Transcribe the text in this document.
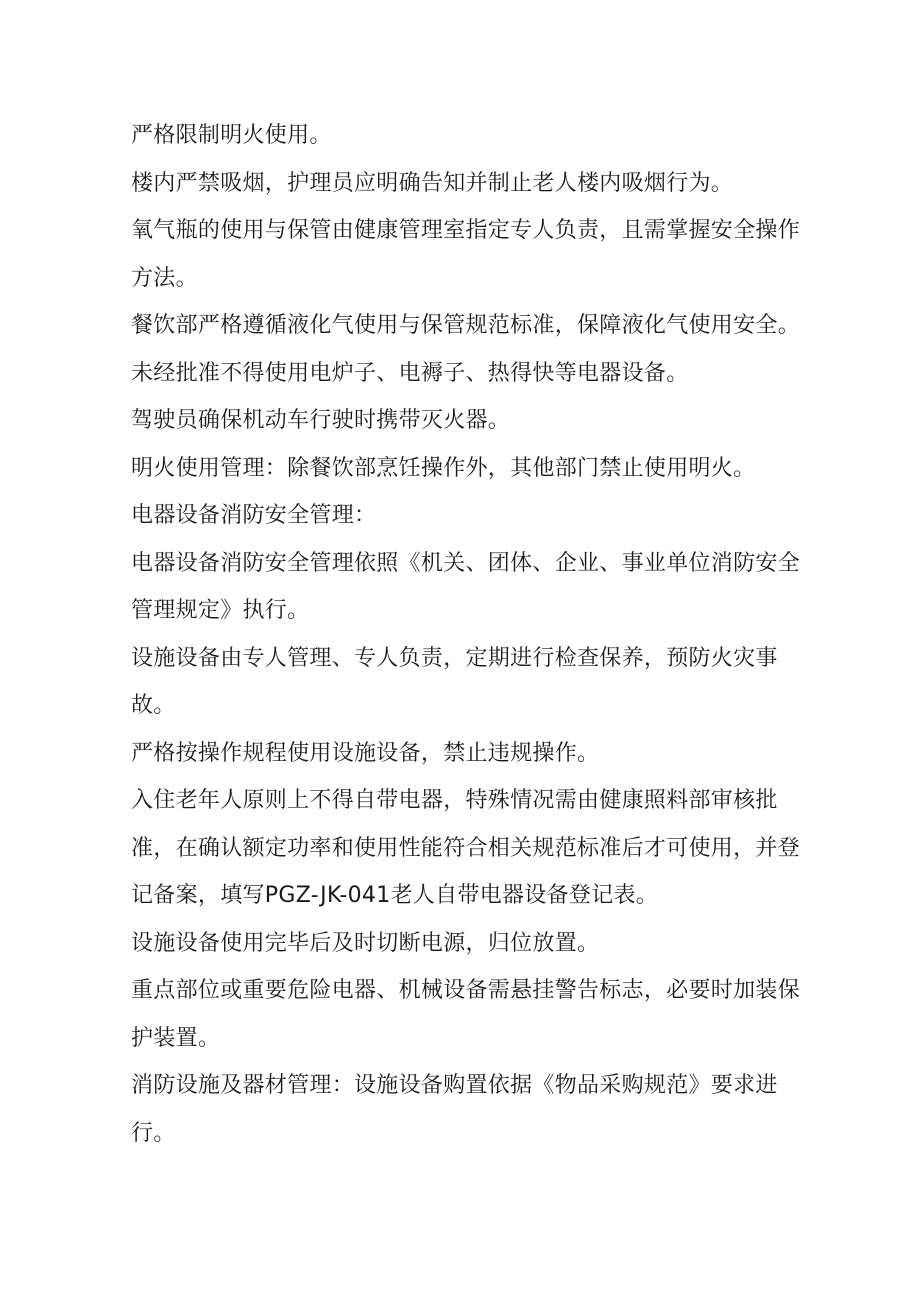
严格限制明火使用。

楼内严禁吸烟，护理员应明确告知并制止老人楼内吸烟行为。

氧气瓶的使用与保管由健康管理室指定专人负责，且需掌握安全操作方法。

餐饮部严格遵循液化气使用与保管规范标准，保障液化气使用安全。

未经批准不得使用电炉子、电褥子、热得快等电器设备。

驾驶员确保机动车行驶时携带灭火器。

明火使用管理：除餐饮部烹饪操作外，其他部门禁止使用明火。

电器设备消防安全管理：

电器设备消防安全管理依照《机关、团体、企业、事业单位消防安全管理规定》执行。

设施设备由专人管理、专人负责，定期进行检查保养，预防火灾事故。

严格按操作规程使用设施设备，禁止违规操作。

入住老年人原则上不得自带电器，特殊情况需由健康照料部审核批准，在确认额定功率和使用性能符合相关规范标准后才可使用，并登记备案，填写PGZ-JK-041老人自带电器设备登记表。

设施设备使用完毕后及时切断电源，归位放置。

重点部位或重要危险电器、机械设备需悬挂警告标志，必要时加装保护装置。

消防设施及器材管理：设施设备购置依据《物品采购规范》要求进行。
